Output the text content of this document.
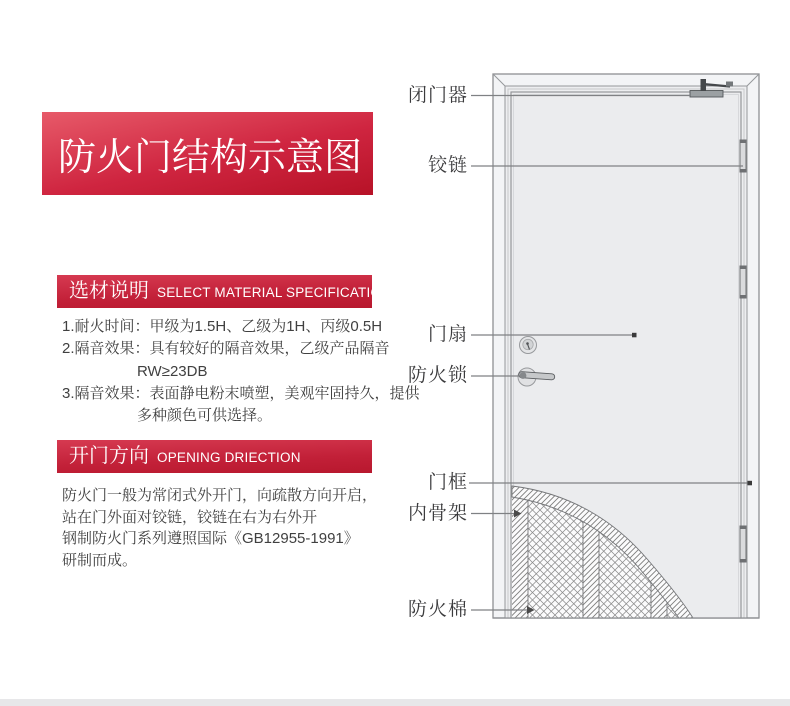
防火门结构示意图
选材说明 SELECT MATERIAL SPECIFICATION
1.耐火时间：甲级为1.5H、乙级为1H、丙级0.5H
2.隔音效果：具有较好的隔音效果，乙级产品隔音
RW≥23DB
3.隔音效果：表面静电粉末喷塑，美观牢固持久，提供
多种颜色可供选择。
开门方向 OPENING DRIECTION
防火门一般为常闭式外开门，向疏散方向开启，
站在门外面对铰链，铰链在右为右外开
钢制防火门系列遵照国际《GB12955-1991》
研制而成。
闭门器
铰链
门扇
防火锁
门框
内骨架
防火棉
